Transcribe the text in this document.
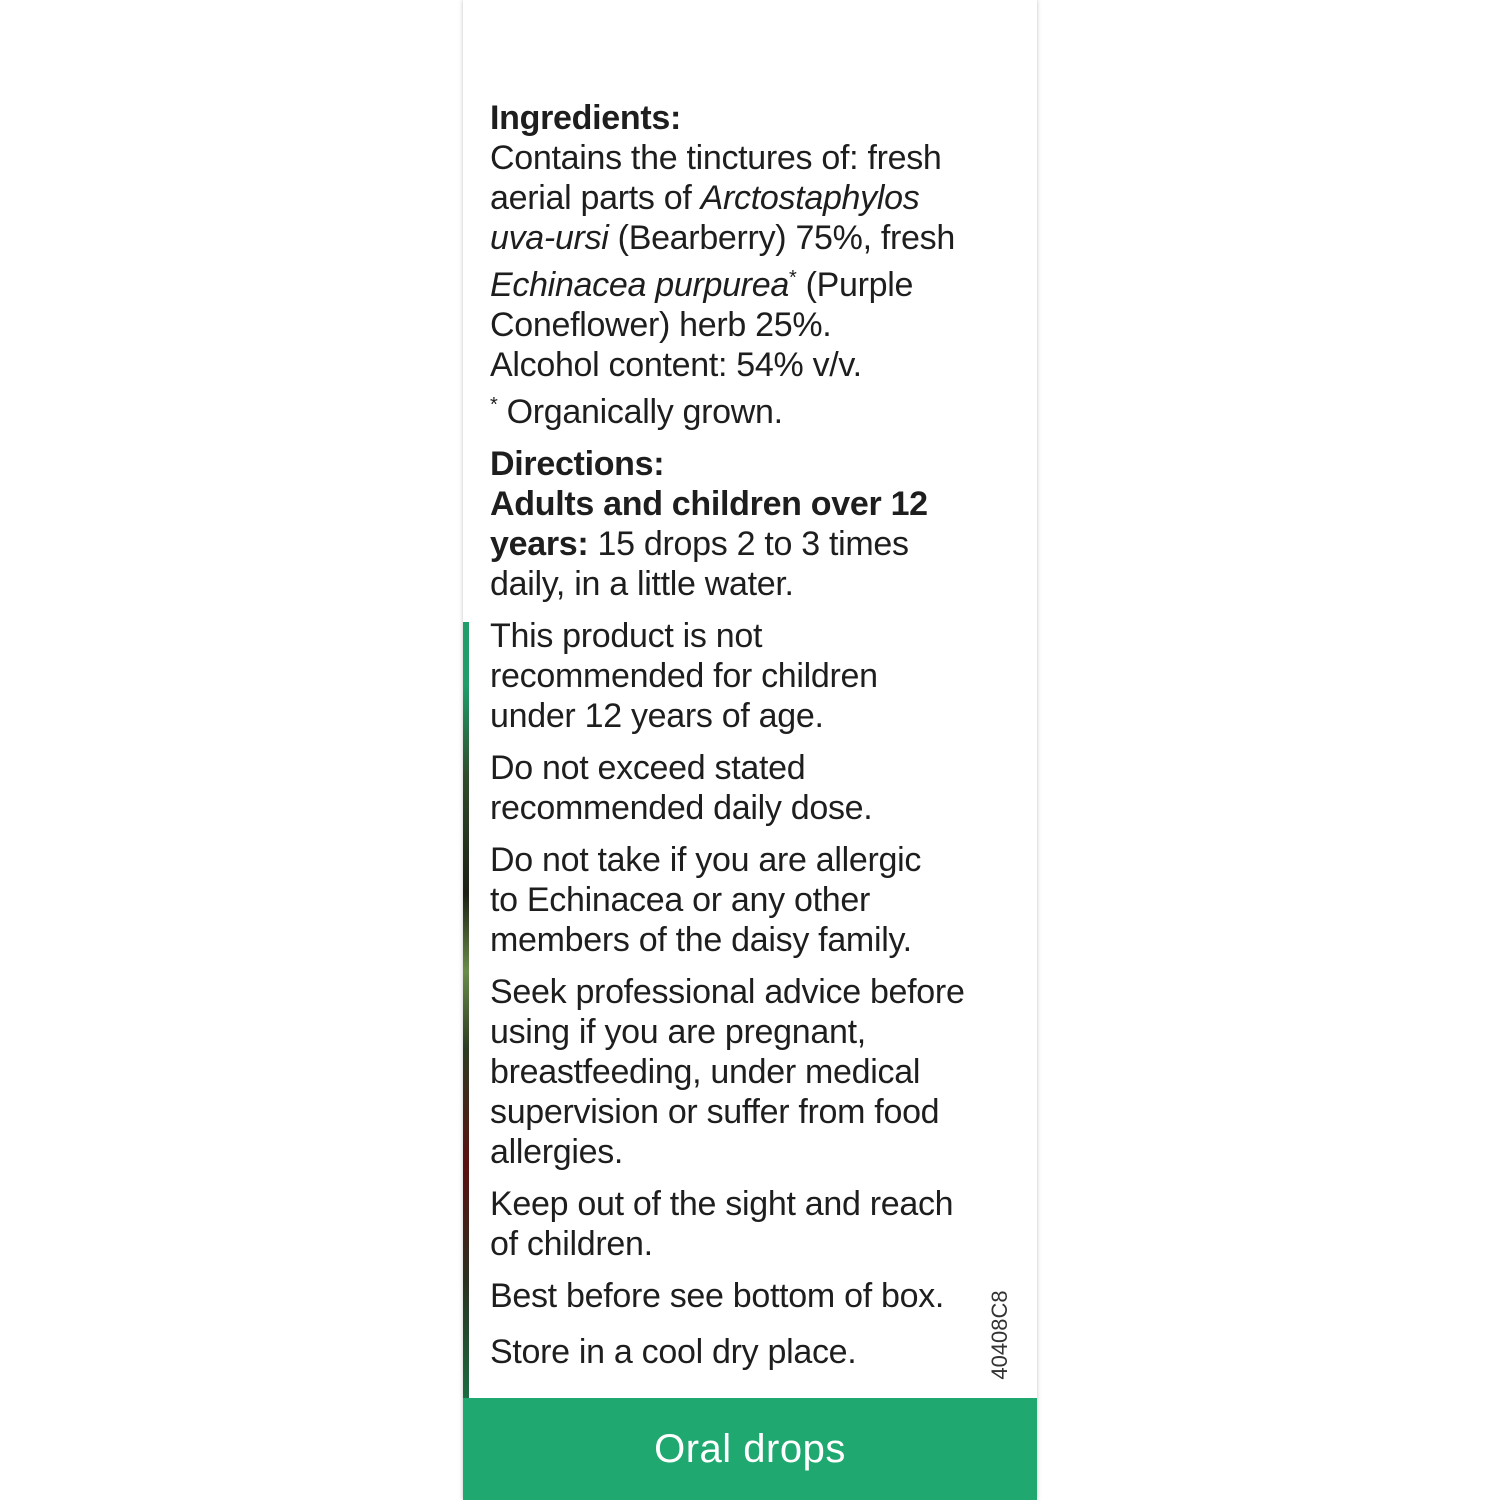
Ingredients:
Contains the tinctures of: fresh
aerial parts of Arctostaphylos
uva-ursi (Bearberry) 75%, fresh
Echinacea purpurea* (Purple
Coneflower) herb 25%.
Alcohol content: 54% v/v.
* Organically grown.
Directions:
Adults and children over 12
years: 15 drops 2 to 3 times
daily, in a little water.
This product is not
recommended for children
under 12 years of age.
Do not exceed stated
recommended daily dose.
Do not take if you are allergic
to Echinacea or any other
members of the daisy family.
Seek professional advice before
using if you are pregnant,
breastfeeding, under medical
supervision or suffer from food
allergies.
Keep out of the sight and reach
of children.
Best before see bottom of box.
Store in a cool dry place.	40408C8
Oral drops
